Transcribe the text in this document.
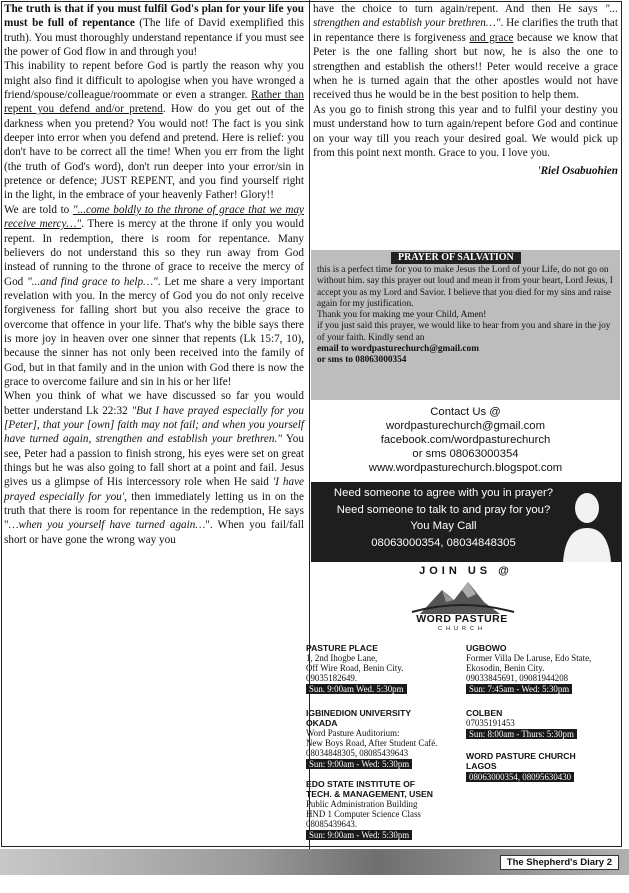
The truth is that if you must fulfil God's plan for your life you must be full of repentance (The life of David exemplified this truth). You must thoroughly understand repentance if you must see the power of God flow in and through you!

This inability to repent before God is partly the reason why you might also find it difficult to apologise when you have wronged a friend/spouse/colleague/roommate or even a stranger. Rather than repent you defend and/or pretend. How do you get out of the darkness when you pretend? You would not! The fact is you sink deeper into error when you defend and pretend. Here is relief: you don't have to be correct all the time! When you err from the light (the truth of God's word), don't run deeper into your error/sin in pretence or defence; JUST REPENT, and you find yourself right in the light, in the embrace of your heavenly Father! Glory!!

We are told to "...come boldly to the throne of grace that we may receive mercy…". There is mercy at the throne if only you would repent. In redemption, there is room for repentance. Many believers do not understand this so they run away from God instead of running to the throne of grace to receive the mercy of God "...and find grace to help…". Let me share a very important revelation with you. In the mercy of God you do not only receive forgiveness for falling short but you also receive the grace to overcome that offence in your life. That's why the bible says there is more joy in heaven over one sinner that repents (Lk 15:7, 10), because the sinner has not only been received into the family of God, but in that family and in the union with God there is now the grace to overcome failure and sin in his or her life!

When you think of what we have discussed so far you would better understand Lk 22:32 "But I have prayed especially for you [Peter], that your [own] faith may not fail; and when you yourself have turned again, strengthen and establish your brethren." You see, Peter had a passion to finish strong, his eyes were set on great things but he was also going to fall short at a point and fail. Jesus gives us a glimpse of His intercessory role when He said 'I have prayed especially for you', then immediately letting us in on the truth that there is room for repentance in the redemption, He says "…when you yourself have turned again…". When you fail/fall short or have gone the wrong way you

have the choice to turn again/repent. And then He says "... strengthen and establish your brethren…". He clarifies the truth that in repentance there is forgiveness and grace because we know that Peter is the one falling short but now, he is also the one to strengthen and establish the others!! Peter would receive a grace when he is turned again that the other apostles would not have received thus he would be in the best position to help them.

As you go to finish strong this year and to fulfil your destiny you must understand how to turn again/repent before God and continue on your way till you reach your desired goal. We would pick up from this point next month. Grace to you. I love you.

'Riel Osabuohien

PRAYER OF SALVATION

this is a perfect time for you to make Jesus the Lord of your Life, do not go on without him. say this prayer out loud and mean it from your heart, Lord Jesus, I accept you as my Lord and Savior. I believe that you died for my sins and raise again for my justification.

Thank you for making me your Child, Amen!

if you just said this prayer, we would like to hear from you and share in the joy of your faith. Kindly send an

email to wordpasturechurch@gmail.com

or sms to 08063000354

Contact Us @
wordpasturechurch@gmail.com
facebook.com/wordpasturechurch
or sms 08063000354
www.wordpasturechurch.blogspot.com
Need someone to agree with you in prayer?
Need someone to talk to and pray for you?
You May Call
08063000354, 08034848305
JOIN US @
WORD PASTURE
CHURCH
PASTURE PLACE
1, 2nd Ihogbe Lane,
Off Wire Road, Benin City.
09035182649.
Sun. 9:00am Wed. 5:30pm
UGBOWO
Former Villa De Laruse, Edo State,
Ekosodin, Benin City.
09033845691, 09081944208
Sun: 7:45am - Wed: 5:30pm
IGBINEDION UNIVERSITY
OKADA
Word Pasture Auditorium:
New Boys Road, After Student Café.
08034848305, 08085439643
Sun: 9:00am - Wed: 5:30pm
COLBEN
07035191453
Sun: 8:00am - Thurs: 5:30pm
WORD PASTURE CHURCH
LAGOS
08063000354, 08095630430
EDO STATE INSTITUTE OF
TECH. & MANAGEMENT, USEN
Public Administration Building
HND 1 Computer Science Class
08085439643.
Sun: 9:00am - Wed: 5:30pm
The Shepherd's Diary 2
